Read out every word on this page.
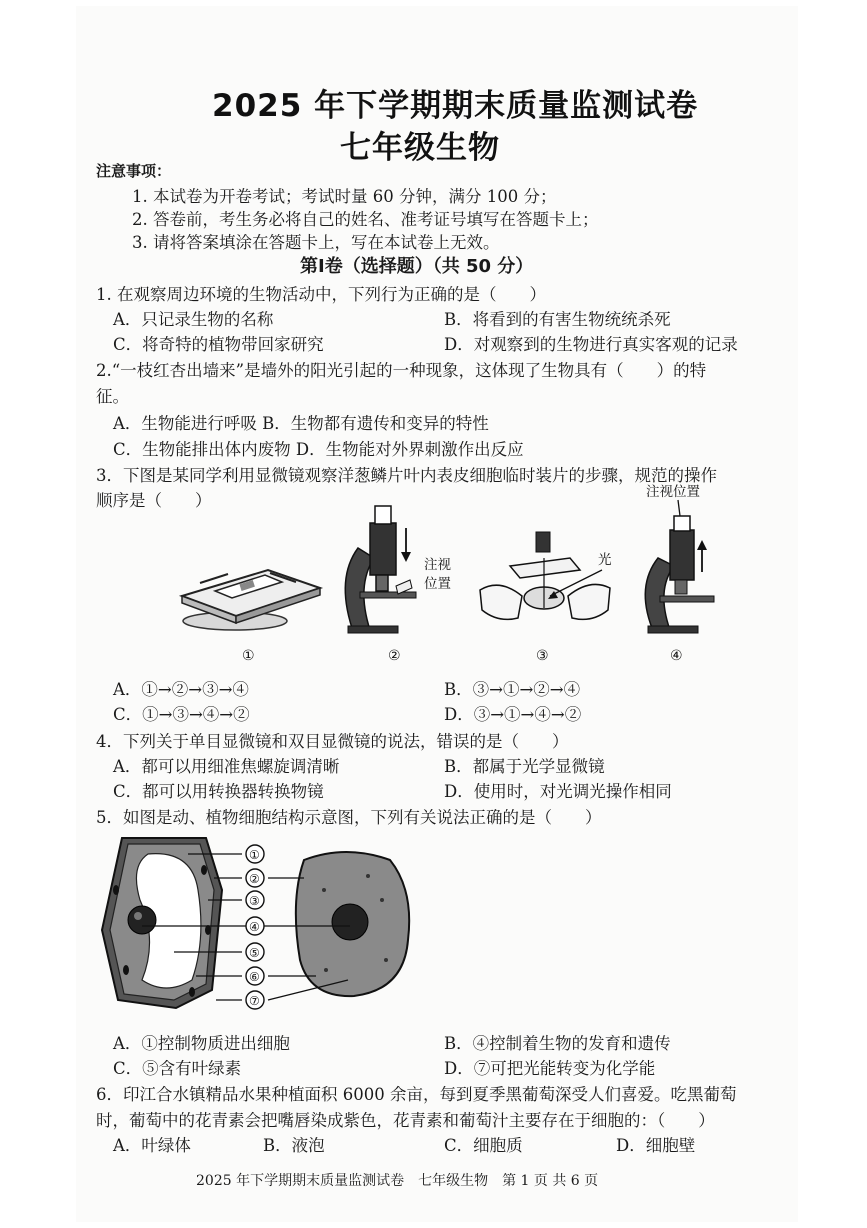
2025 年下学期期末质量监测试卷
七年级生物
注意事项：
1. 本试卷为开卷考试；考试时量 60 分钟，满分 100 分；
2. 答卷前，考生务必将自己的姓名、准考证号填写在答题卡上；
3. 请将答案填涂在答题卡上，写在本试卷上无效。
第Ⅰ卷（选择题）（共 50 分）
1. 在观察周边环境的生物活动中，下列行为正确的是（　　）
A．只记录生物的名称	B．将看到的有害生物统统杀死
C．将奇特的植物带回家研究	D．对观察到的生物进行真实客观的记录
2.“一枝红杏出墙来”是墙外的阳光引起的一种现象，这体现了生物具有（　　）的特
征。
A．生物能进行呼吸 B．生物都有遗传和变异的特性
C．生物能排出体内废物 D．生物能对外界刺激作出反应
3．下图是某同学利用显微镜观察洋葱鳞片叶内表皮细胞临时装片的步骤，规范的操作
顺序是（　　）
①
注视
位置
②
光
③
注视位置
④
A．①→②→③→④	B．③→①→②→④
C．①→③→④→②	D．③→①→④→②
4．下列关于单目显微镜和双目显微镜的说法，错误的是（　　）
A．都可以用细准焦螺旋调清晰	B．都属于光学显微镜
C．都可以用转换器转换物镜	D．使用时，对光调光操作相同
5．如图是动、植物细胞结构示意图，下列有关说法正确的是（　　）
①
②
③
④
⑤
⑥
⑦
A．①控制物质进出细胞	B．④控制着生物的发育和遗传
C．⑤含有叶绿素	D．⑦可把光能转变为化学能
6．印江合水镇精品水果种植面积 6000 余亩，每到夏季黑葡萄深受人们喜爱。吃黑葡萄
时，葡萄中的花青素会把嘴唇染成紫色，花青素和葡萄汁主要存在于细胞的：（　　）
A．叶绿体	B．液泡	C．细胞质	D．细胞壁
2025 年下学期期末质量监测试卷　七年级生物　第 1 页 共 6 页
